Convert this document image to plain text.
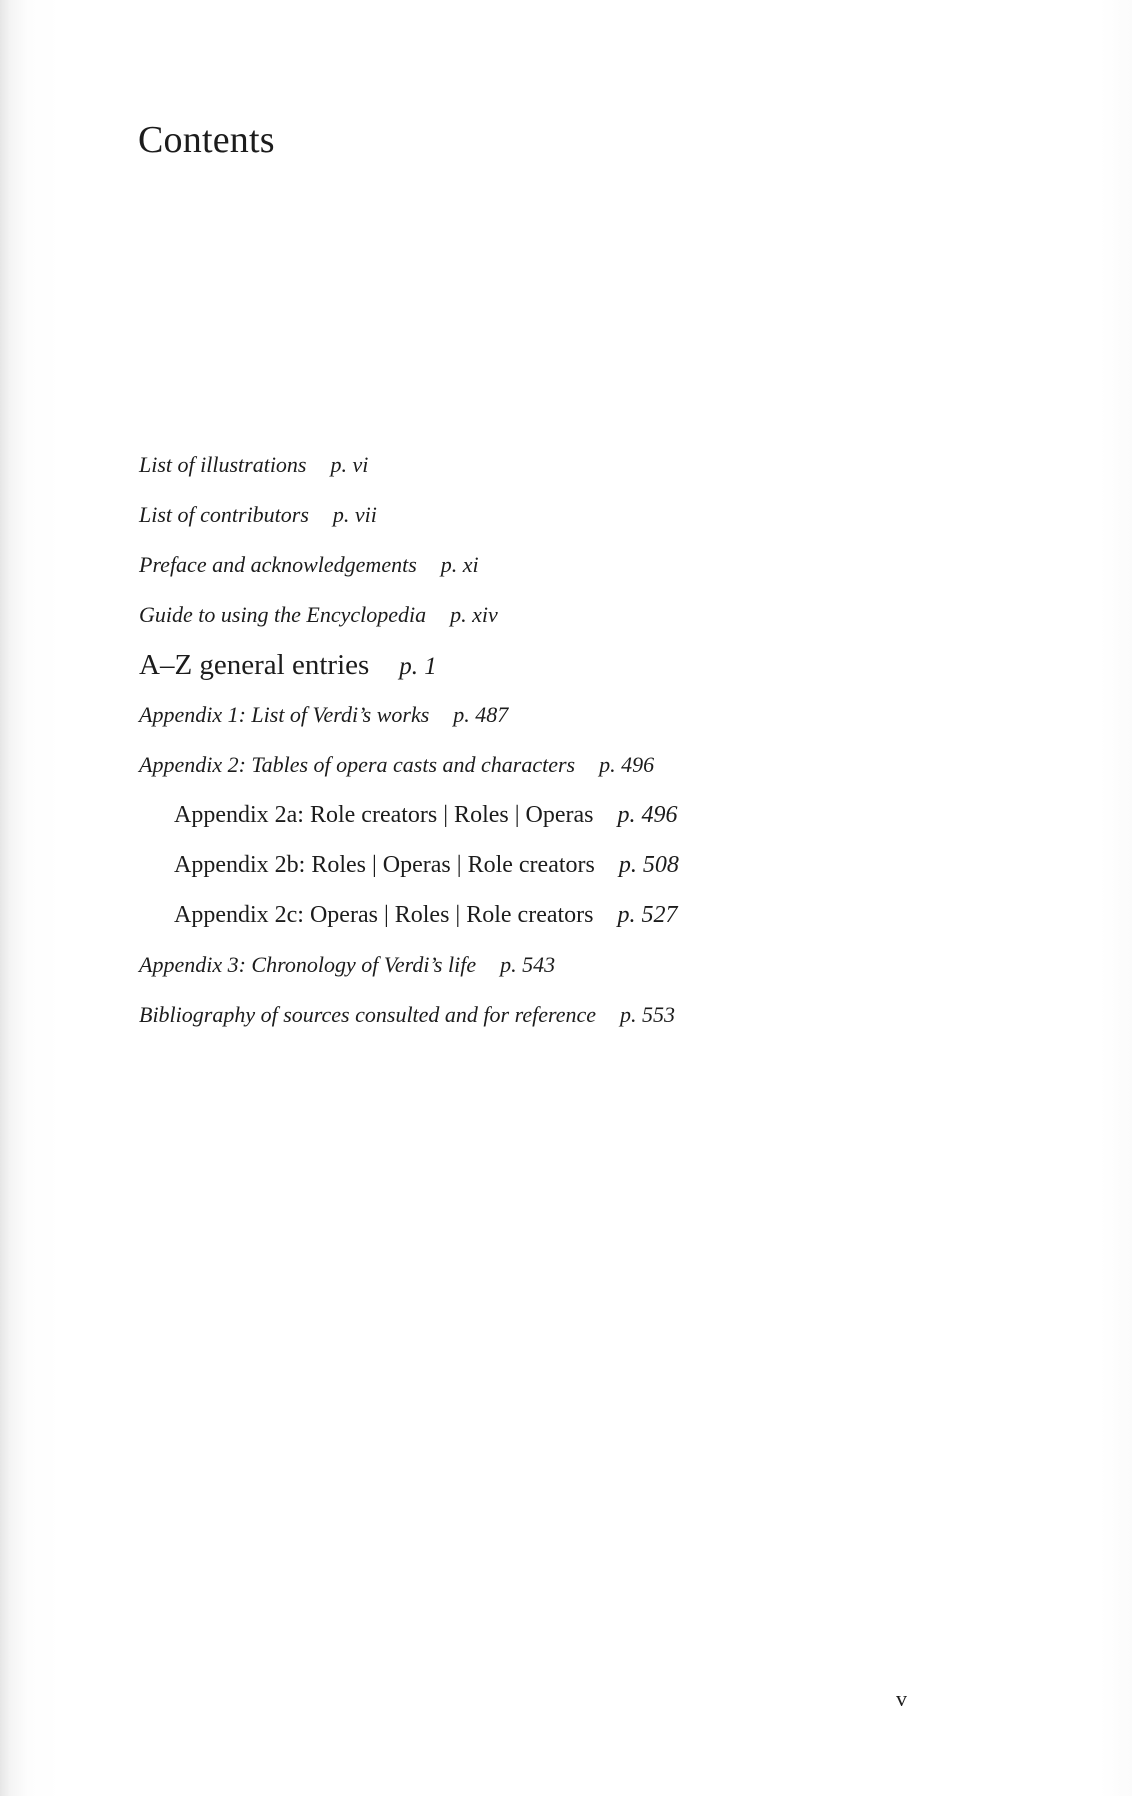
Contents
List of illustrations p. vi
List of contributors p. vii
Preface and acknowledgements p. xi
Guide to using the Encyclopedia p. xiv
A–Z general entries p. 1
Appendix 1: List of Verdi’s works p. 487
Appendix 2: Tables of opera casts and characters p. 496
Appendix 2a: Role creators | Roles | Operas p. 496
Appendix 2b: Roles | Operas | Role creators p. 508
Appendix 2c: Operas | Roles | Role creators p. 527
Appendix 3: Chronology of Verdi’s life p. 543
Bibliography of sources consulted and for reference p. 553
v
